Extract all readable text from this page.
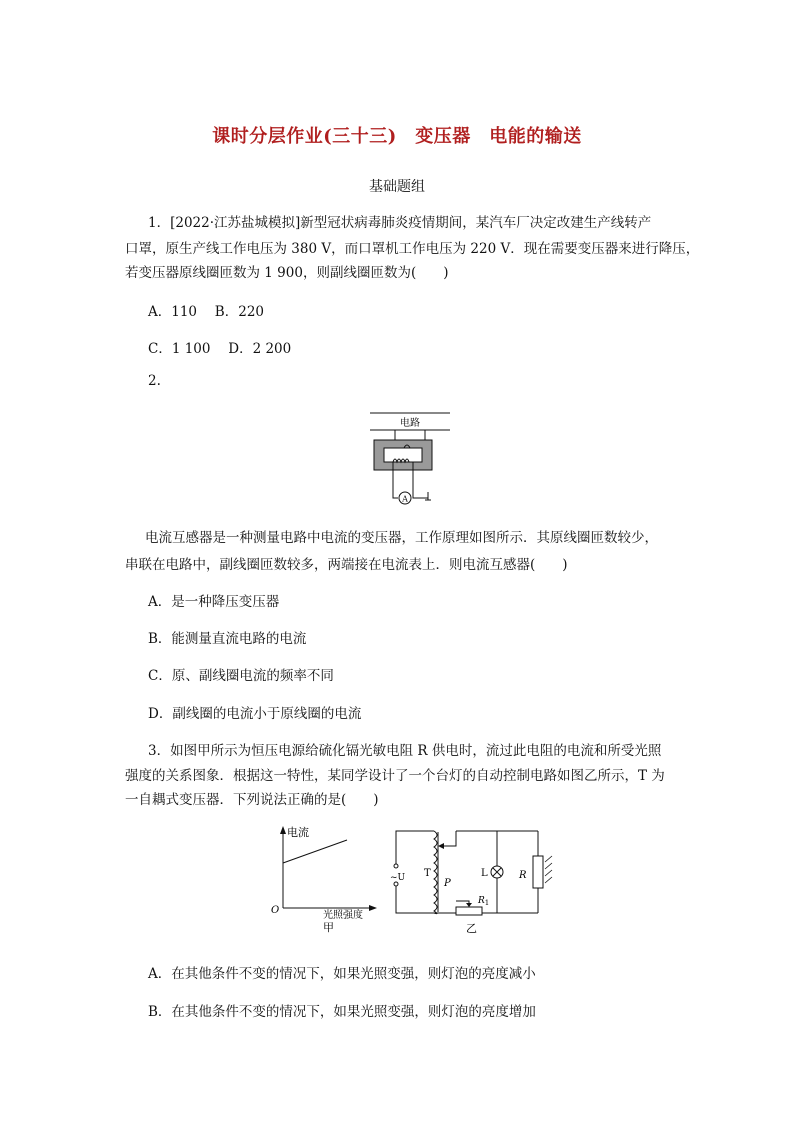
课时分层作业(三十三)　变压器　电能的输送
基础题组
1．[2022·江苏盐城模拟]新型冠状病毒肺炎疫情期间，某汽车厂决定改建生产线转产
口罩，原生产线工作电压为 380 V，而口罩机工作电压为 220 V．现在需要变压器来进行降压，
若变压器原线圈匝数为 1 900，则副线圈匝数为(　　)
A．110　 B．220
C．1 100　 D．2 200
2.
电路
A
电流互感器是一种测量电路中电流的变压器，工作原理如图所示．其原线圈匝数较少，
串联在电路中，副线圈匝数较多，两端接在电流表上．则电流互感器(　　)
A．是一种降压变压器
B．能测量直流电路的电流
C．原、副线圈电流的频率不同
D．副线圈的电流小于原线圈的电流
3．如图甲所示为恒压电源给硫化镉光敏电阻 R 供电时，流过此电阻的电流和所受光照
强度的关系图象．根据这一特性，某同学设计了一个台灯的自动控制电路如图乙所示，T 为
一自耦式变压器．下列说法正确的是(　　)
电流
O	光照强度
甲
~U T
P
L	R
$R_1$
乙
A．在其他条件不变的情况下，如果光照变强，则灯泡的亮度减小
B．在其他条件不变的情况下，如果光照变强，则灯泡的亮度增加
